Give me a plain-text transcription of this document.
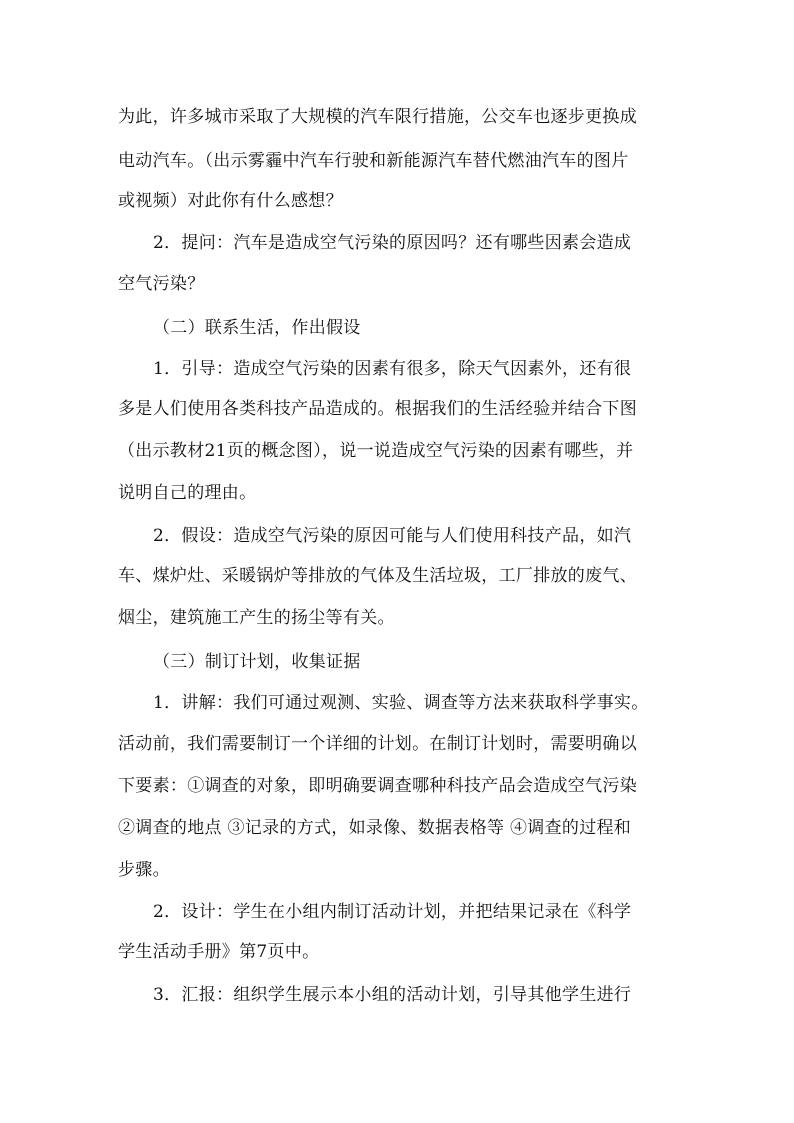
为此，许多城市采取了大规模的汽车限行措施，公交车也逐步更换成
电动汽车。（出示雾霾中汽车行驶和新能源汽车替代燃油汽车的图片
或视频）对此你有什么感想？
2．提问：汽车是造成空气污染的原因吗？还有哪些因素会造成
空气污染？
（二）联系生活，作出假设
1．引导：造成空气污染的因素有很多，除天气因素外，还有很
多是人们使用各类科技产品造成的。根据我们的生活经验并结合下图
（出示教材21页的概念图），说一说造成空气污染的因素有哪些，并
说明自己的理由。
2．假设：造成空气污染的原因可能与人们使用科技产品，如汽
车、煤炉灶、采暖锅炉等排放的气体及生活垃圾，工厂排放的废气、
烟尘，建筑施工产生的扬尘等有关。
（三）制订计划，收集证据
1．讲解：我们可通过观测、实验、调查等方法来获取科学事实。
活动前，我们需要制订一个详细的计划。在制订计划时，需要明确以
下要素：①调查的对象，即明确要调查哪种科技产品会造成空气污染
②调查的地点 ③记录的方式，如录像、数据表格等 ④调查的过程和
步骤。
2．设计：学生在小组内制订活动计划，并把结果记录在《科学
学生活动手册》第7页中。
3．汇报：组织学生展示本小组的活动计划，引导其他学生进行
